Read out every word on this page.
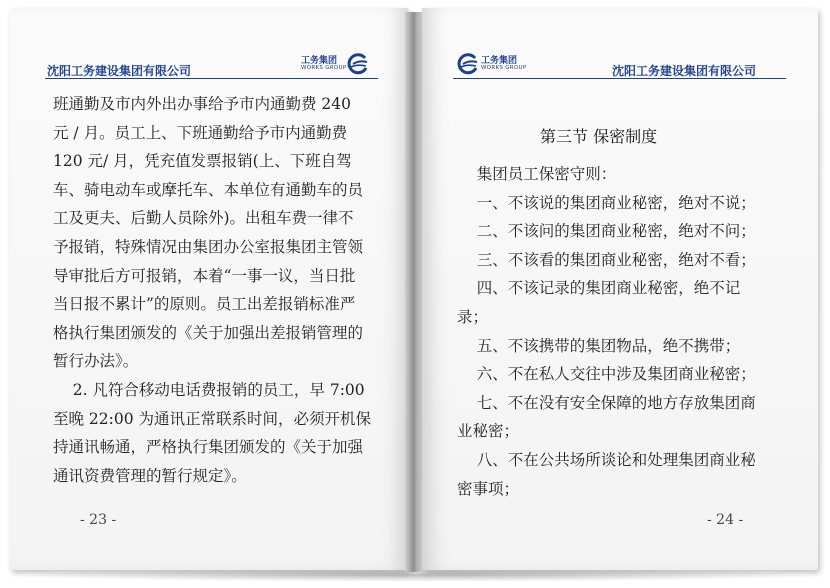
沈阳工务建设集团有限公司
工务集团
WORKS GROUP
班通勤及市内外出办事给予市内通勤费 240
元 / 月。员工上、下班通勤给予市内通勤费
120 元/ 月，凭充值发票报销(上、下班自驾
车、骑电动车或摩托车、本单位有通勤车的员
工及更夫、后勤人员除外)。出租车费一律不
予报销，特殊情况由集团办公室报集团主管领
导审批后方可报销，本着“一事一议，当日批
当日报不累计”的原则。员工出差报销标准严
格执行集团颁发的《关于加强出差报销管理的
暂行办法》。
2. 凡符合移动电话费报销的员工，早 7:00
至晚 22:00 为通讯正常联系时间，必须开机保
持通讯畅通，严格执行集团颁发的《关于加强
通讯资费管理的暂行规定》。
- 23 -
工务集团
WORKS GROUP	沈阳工务建设集团有限公司
第三节 保密制度
集团员工保密守则：
一、不该说的集团商业秘密，绝对不说；
二、不该问的集团商业秘密，绝对不问；
三、不该看的集团商业秘密，绝对不看；
四、不该记录的集团商业秘密，绝不记
录；
五、不该携带的集团物品，绝不携带；
六、不在私人交往中涉及集团商业秘密；
七、不在没有安全保障的地方存放集团商
业秘密；
八、不在公共场所谈论和处理集团商业秘
密事项；
- 24 -
